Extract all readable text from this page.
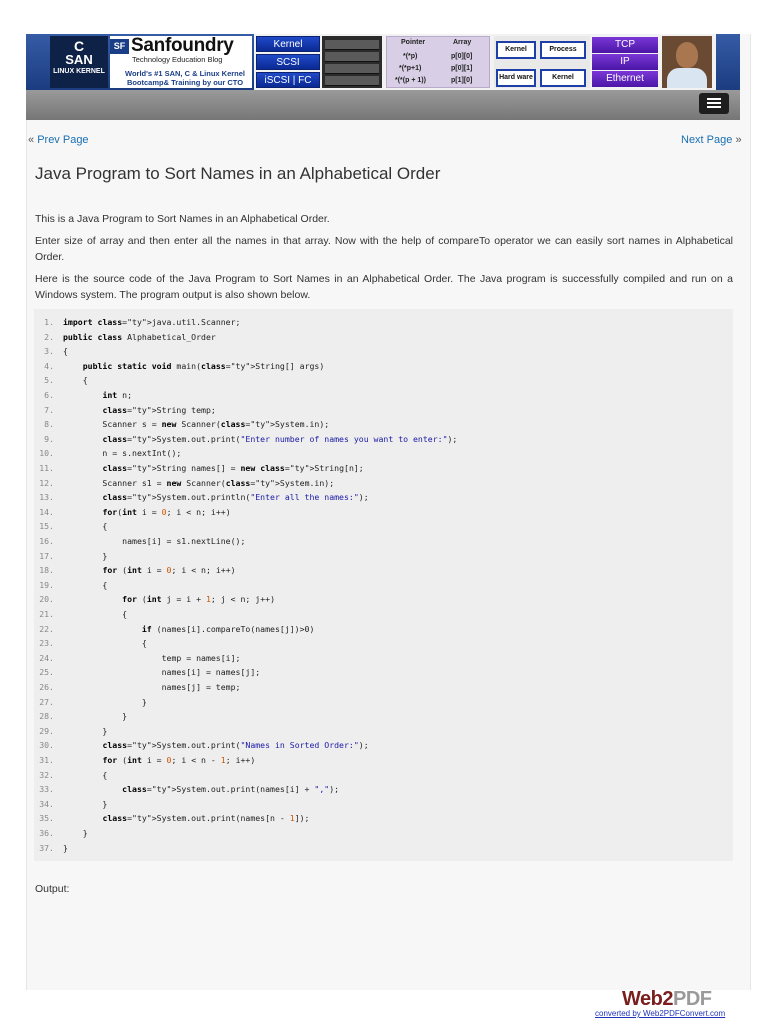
C
SAN
LINUX KERNEL
SF Sanfoundry
Technology Education Blog
World's #1 SAN, C & Linux Kernel
Bootcamp& Training by our CTO
Kernel
SCSI
iSCSI | FC
Pointer	Array
*(*p)	p[0][0]
*(*p+1)	p[0][1]
*(*(p + 1))	p[1][0]
Kernel	Process
Hard ware	Kernel
TCP
IP
Ethernet
« Prev Page	Next Page »
Java Program to Sort Names in an Alphabetical Order

This is a Java Program to Sort Names in an Alphabetical Order.

Enter size of array and then enter all the names in that array. Now with the help of compareTo operator we can easily sort names in Alphabetical Order.

Here is the source code of the Java Program to Sort Names in an Alphabetical Order. The Java program is successfully compiled and run on a Windows system. The program output is also shown below.

1. import class="ty">java.util.Scanner;
2. public class Alphabetical_Order
3. {
4.	public static void main(class="ty">String[] args)
5.    {
6.	int n;
7.	class="ty">String temp;
8.        Scanner s = new Scanner(class="ty">System.in);
9.	class="ty">System.out.print("Enter number of names you want to enter:");
10.        n = s.nextInt();
11.	class="ty">String names[] = new class="ty">String[n];
12.        Scanner s1 = new Scanner(class="ty">System.in);
13.	class="ty">System.out.println("Enter all the names:");
14.	for(int i = 0; i < n; i++)
15.        {
16.            names[i] = s1.nextLine();
17.        }
18.	for (int i = 0; i < n; i++)
19.        {
20.	for (int j = i + 1; j < n; j++)
21.            {
22.	if (names[i].compareTo(names[j])>0)
23.                {
24.                    temp = names[i];
25.                    names[i] = names[j];
26.                    names[j] = temp;
27.                }
28.            }
29.        }
30.	class="ty">System.out.print("Names in Sorted Order:");
31.	for (int i = 0; i < n - 1; i++)
32.        {
33.	class="ty">System.out.print(names[i] + ",");
34.        }
35.	class="ty">System.out.print(names[n - 1]);
36.    }
37. }
Output:
Web2PDF
converted by Web2PDFConvert.com
